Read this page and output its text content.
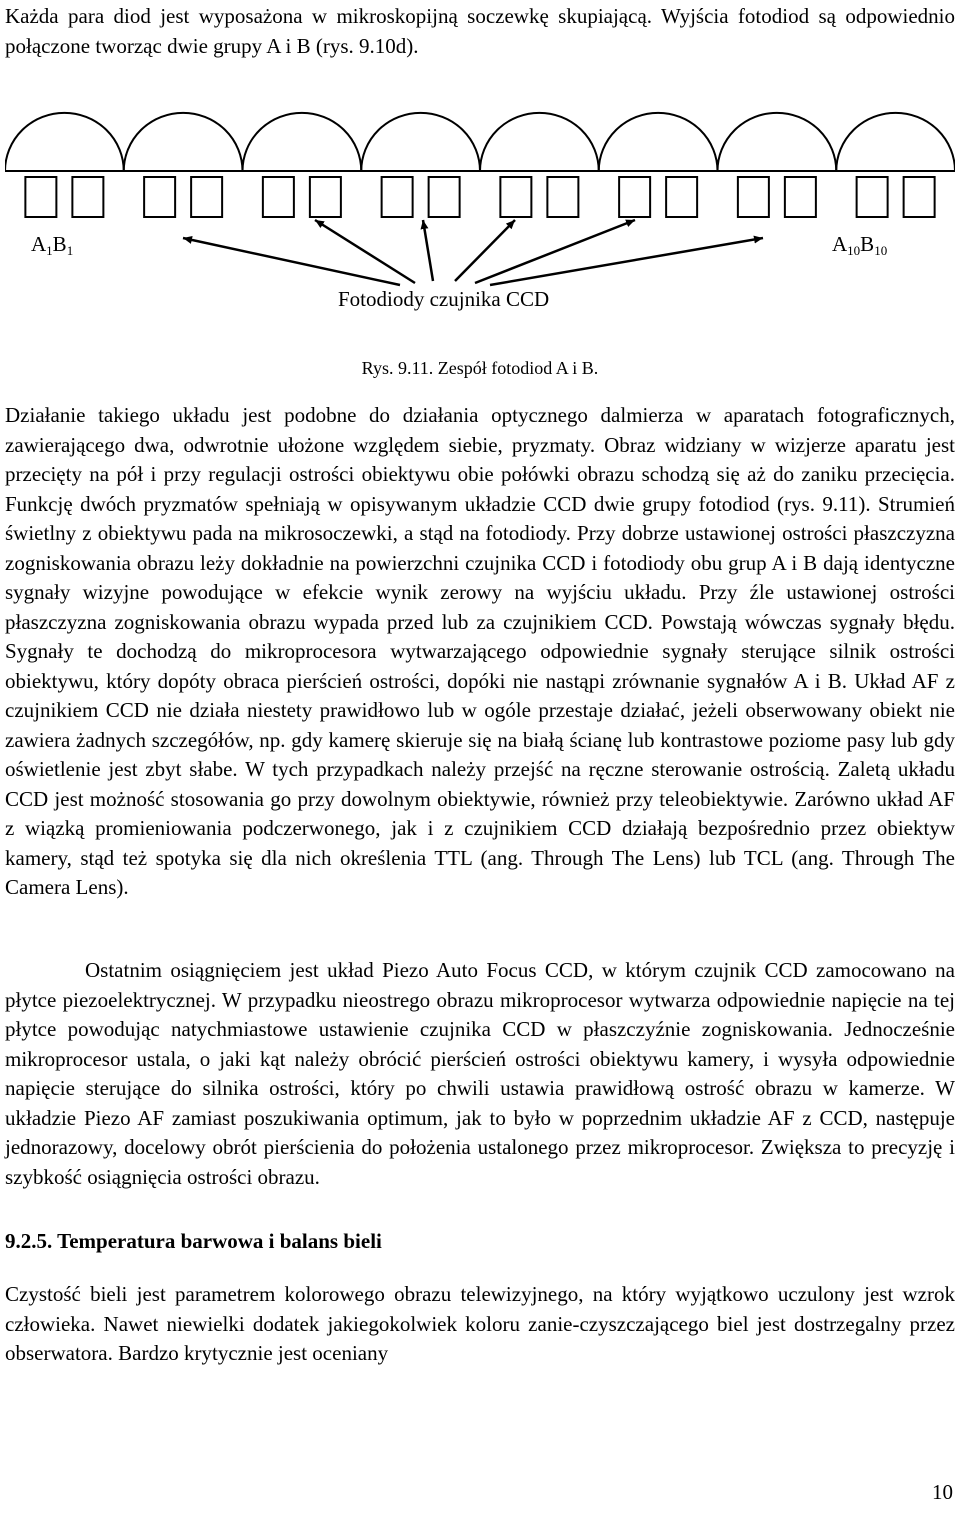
Każda para diod jest wyposażona w mikroskopijną soczewkę skupiającą. Wyjścia fotodiod są odpowiednio połączone tworząc dwie grupy A i B (rys. 9.10d).

A1B1	A10B10
Fotodiody czujnika CCD
Rys. 9.11. Zespół fotodiod A i B.

Działanie takiego układu jest podobne do działania optycznego dalmierza w aparatach fotograficznych, zawierającego dwa, odwrotnie ułożone względem siebie, pryzmaty. Obraz widziany w wizjerze aparatu jest przecięty na pół i przy regulacji ostrości obiektywu obie połówki obrazu schodzą się aż do zaniku przecięcia. Funkcję dwóch pryzmatów spełniają w opisywanym układzie CCD dwie grupy fotodiod (rys. 9.11). Strumień świetlny z obiektywu pada na mikrosoczewki, a stąd na fotodiody. Przy dobrze ustawionej ostrości płaszczyzna zogniskowania obrazu leży dokładnie na powierzchni czujnika CCD i fotodiody obu grup A i B dają identyczne sygnały wizyjne powodujące w efekcie wynik zerowy na wyjściu układu. Przy źle ustawionej ostrości płaszczyzna zogniskowania obrazu wypada przed lub za czujnikiem CCD. Powstają wówczas sygnały błędu. Sygnały te dochodzą do mikroprocesora wytwarzającego odpowiednie sygnały sterujące silnik ostrości obiektywu, który dopóty obraca pierścień ostrości, dopóki nie nastąpi zrównanie sygnałów A i B. Układ AF z czujnikiem CCD nie działa niestety prawidłowo lub w ogóle przestaje działać, jeżeli obserwowany obiekt nie zawiera żadnych szczegółów, np. gdy kamerę skieruje się na białą ścianę lub kontrastowe poziome pasy lub gdy oświetlenie jest zbyt słabe. W tych przypadkach należy przejść na ręczne sterowanie ostrością. Zaletą układu CCD jest możność stosowania go przy dowolnym obiektywie, również przy teleobiektywie. Zarówno układ AF z wiązką promieniowania podczerwonego, jak i z czujnikiem CCD działają bezpośrednio przez obiektyw kamery, stąd też spotyka się dla nich określenia TTL (ang. Through The Lens) lub TCL (ang. Through The Camera Lens).

Ostatnim osiągnięciem jest układ Piezo Auto Focus CCD, w którym czujnik CCD zamocowano na płytce piezoelektrycznej. W przypadku nieostrego obrazu mikroprocesor wytwarza odpowiednie napięcie na tej płytce powodując natychmiastowe ustawienie czujnika CCD w płaszczyźnie zogniskowania. Jednocześnie mikroprocesor ustala, o jaki kąt należy obrócić pierścień ostrości obiektywu kamery, i wysyła odpowiednie napięcie sterujące do silnika ostrości, który po chwili ustawia prawidłową ostrość obrazu w kamerze. W układzie Piezo AF zamiast poszukiwania optimum, jak to było w poprzednim układzie AF z CCD, następuje jednorazowy, docelowy obrót pierścienia do położenia ustalonego przez mikroprocesor. Zwiększa to precyzję i szybkość osiągnięcia ostrości obrazu.

9.2.5. Temperatura barwowa i balans bieli

Czystość bieli jest parametrem kolorowego obrazu telewizyjnego, na który wyjątkowo uczulony jest wzrok człowieka. Nawet niewielki dodatek jakiegokolwiek koloru zanie-czyszczającego biel jest dostrzegalny przez obserwatora. Bardzo krytycznie jest oceniany

10
